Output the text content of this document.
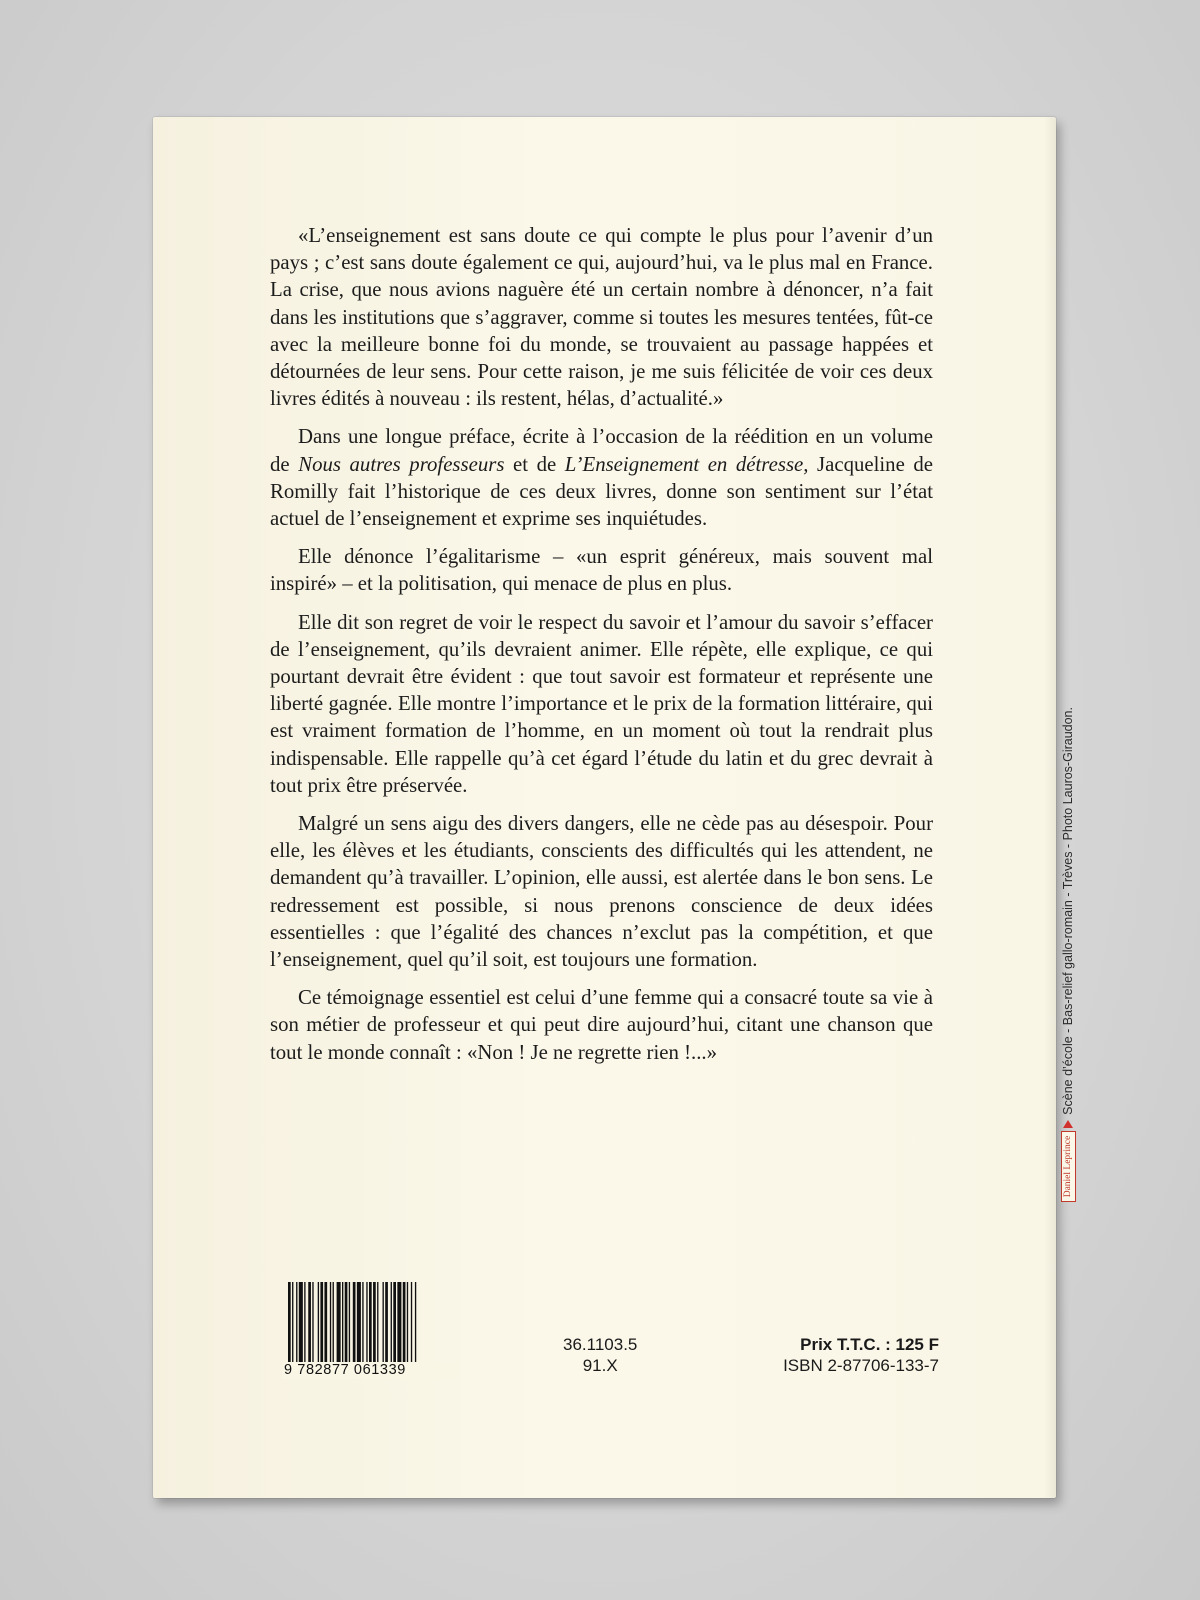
«L’enseignement est sans doute ce qui compte le plus pour l’avenir d’un pays ; c’est sans doute également ce qui, aujourd’hui, va le plus mal en France. La crise, que nous avions naguère été un certain nombre à dénoncer, n’a fait dans les institutions que s’aggraver, comme si toutes les mesures tentées, fût-ce avec la meilleure bonne foi du monde, se trouvaient au passage happées et détournées de leur sens. Pour cette raison, je me suis félicitée de voir ces deux livres édités à nouveau : ils restent, hélas, d’actualité.»

Dans une longue préface, écrite à l’occasion de la réédition en un volume de Nous autres professeurs et de L’Enseignement en détresse, Jacqueline de Romilly fait l’historique de ces deux livres, donne son sentiment sur l’état actuel de l’enseignement et exprime ses inquiétudes.

Elle dénonce l’égalitarisme – «un esprit généreux, mais souvent mal inspiré» – et la politisation, qui menace de plus en plus.

Elle dit son regret de voir le respect du savoir et l’amour du savoir s’effacer de l’enseignement, qu’ils devraient animer. Elle répète, elle explique, ce qui pourtant devrait être évident : que tout savoir est formateur et représente une liberté gagnée. Elle montre l’importance et le prix de la formation littéraire, qui est vraiment formation de l’homme, en un moment où tout la rendrait plus indispensable. Elle rappelle qu’à cet égard l’étude du latin et du grec devrait à tout prix être préservée.

Malgré un sens aigu des divers dangers, elle ne cède pas au désespoir. Pour elle, les élèves et les étudiants, conscients des difficultés qui les attendent, ne demandent qu’à travailler. L’opinion, elle aussi, est alertée dans le bon sens. Le redressement est possible, si nous prenons conscience de deux idées essentielles : que l’égalité des chances n’exclut pas la compétition, et que l’enseignement, quel qu’il soit, est toujours une formation.

Ce témoignage essentiel est celui d’une femme qui a consacré toute sa vie à son métier de professeur et qui peut dire aujourd’hui, citant une chanson que tout le monde connaît : «Non ! Je ne regrette rien !...»

9 782877 061339
36.1103.5
91.X
Prix T.T.C. : 125 F
ISBN 2-87706-133-7
Daniel Leprince
Scène d’école - Bas-relief gallo-romain - Trèves - Photo Lauros-Giraudon.
